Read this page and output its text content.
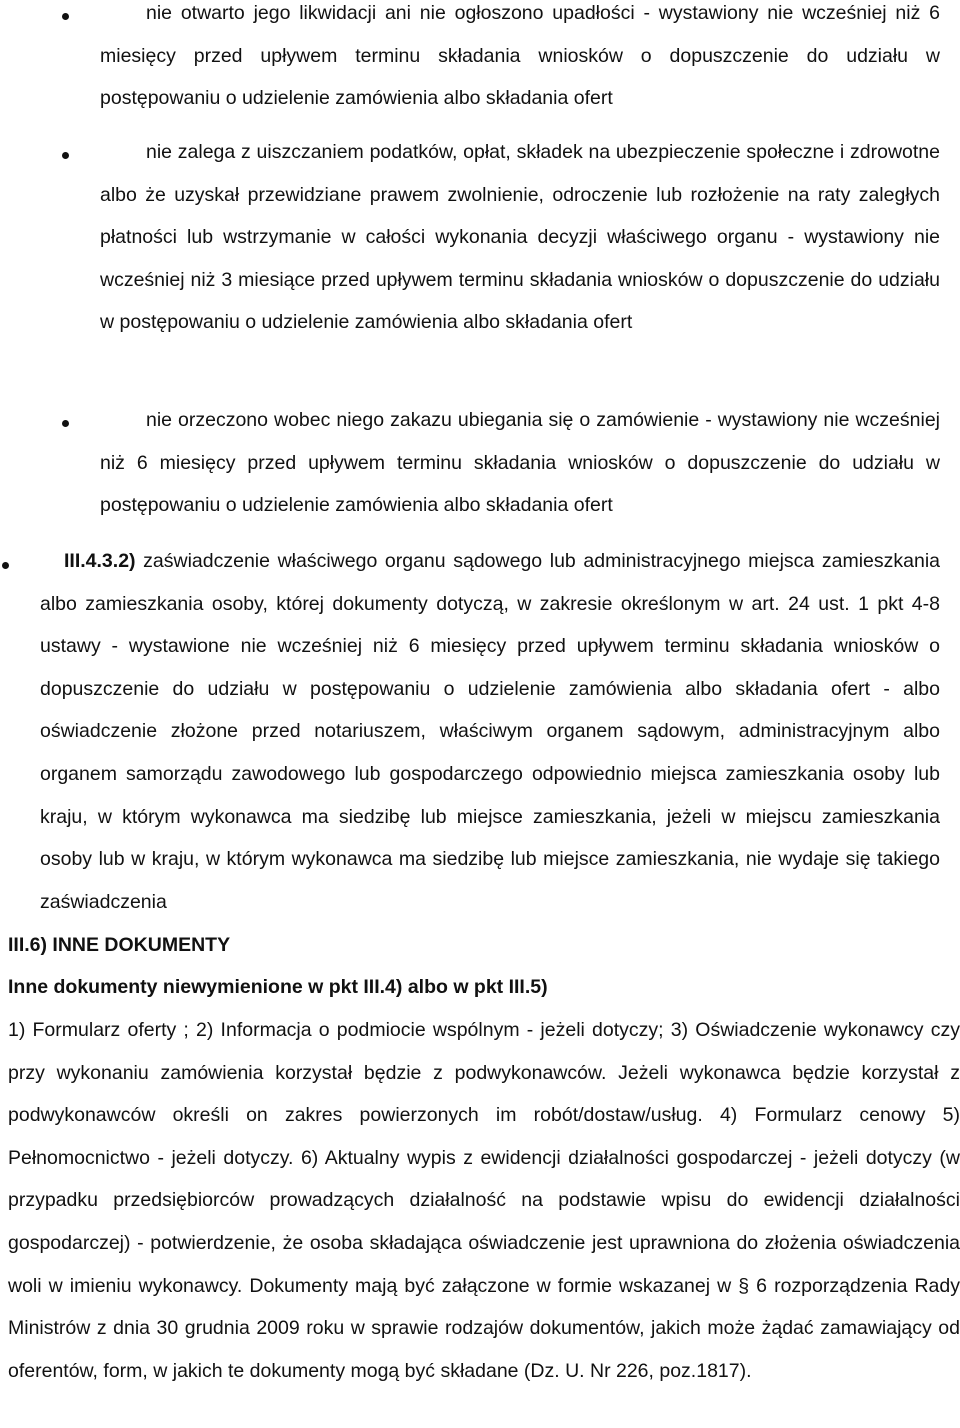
nie otwarto jego likwidacji ani nie ogłoszono upadłości - wystawiony nie wcześniej niż 6 miesięcy przed upływem terminu składania wniosków o dopuszczenie do udziału w postępowaniu o udzielenie zamówienia albo składania ofert

nie zalega z uiszczaniem podatków, opłat, składek na ubezpieczenie społeczne i zdrowotne albo że uzyskał przewidziane prawem zwolnienie, odroczenie lub rozłożenie na raty zaległych płatności lub wstrzymanie w całości wykonania decyzji właściwego organu - wystawiony nie wcześniej niż 3 miesiące przed upływem terminu składania wniosków o dopuszczenie do udziału w postępowaniu o udzielenie zamówienia albo składania ofert

nie orzeczono wobec niego zakazu ubiegania się o zamówienie - wystawiony nie wcześniej niż 6 miesięcy przed upływem terminu składania wniosków o dopuszczenie do udziału w postępowaniu o udzielenie zamówienia albo składania ofert

III.4.3.2) zaświadczenie właściwego organu sądowego lub administracyjnego miejsca zamieszkania albo zamieszkania osoby, której dokumenty dotyczą, w zakresie określonym w art. 24 ust. 1 pkt 4-8 ustawy - wystawione nie wcześniej niż 6 miesięcy przed upływem terminu składania wniosków o dopuszczenie do udziału w postępowaniu o udzielenie zamówienia albo składania ofert - albo oświadczenie złożone przed notariuszem, właściwym organem sądowym, administracyjnym albo organem samorządu zawodowego lub gospodarczego odpowiednio miejsca zamieszkania osoby lub kraju, w którym wykonawca ma siedzibę lub miejsce zamieszkania, jeżeli w miejscu zamieszkania osoby lub w kraju, w którym wykonawca ma siedzibę lub miejsce zamieszkania, nie wydaje się takiego zaświadczenia

III.6) INNE DOKUMENTY

Inne dokumenty niewymienione w pkt III.4) albo w pkt III.5)

1) Formularz oferty ; 2) Informacja o podmiocie wspólnym - jeżeli dotyczy; 3) Oświadczenie wykonawcy czy przy wykonaniu zamówienia korzystał będzie z podwykonawców. Jeżeli wykonawca będzie korzystał z podwykonawców określi on zakres powierzonych im robót/dostaw/usług. 4) Formularz cenowy 5) Pełnomocnictwo - jeżeli dotyczy. 6) Aktualny wypis z ewidencji działalności gospodarczej - jeżeli dotyczy (w przypadku przedsiębiorców prowadzących działalność na podstawie wpisu do ewidencji działalności gospodarczej) - potwierdzenie, że osoba składająca oświadczenie jest uprawniona do złożenia oświadczenia woli w imieniu wykonawcy. Dokumenty mają być załączone w formie wskazanej w § 6 rozporządzenia Rady Ministrów z dnia 30 grudnia 2009 roku w sprawie rodzajów dokumentów, jakich może żądać zamawiający od oferentów, form, w jakich te dokumenty mogą być składane (Dz. U. Nr 226, poz.1817).
